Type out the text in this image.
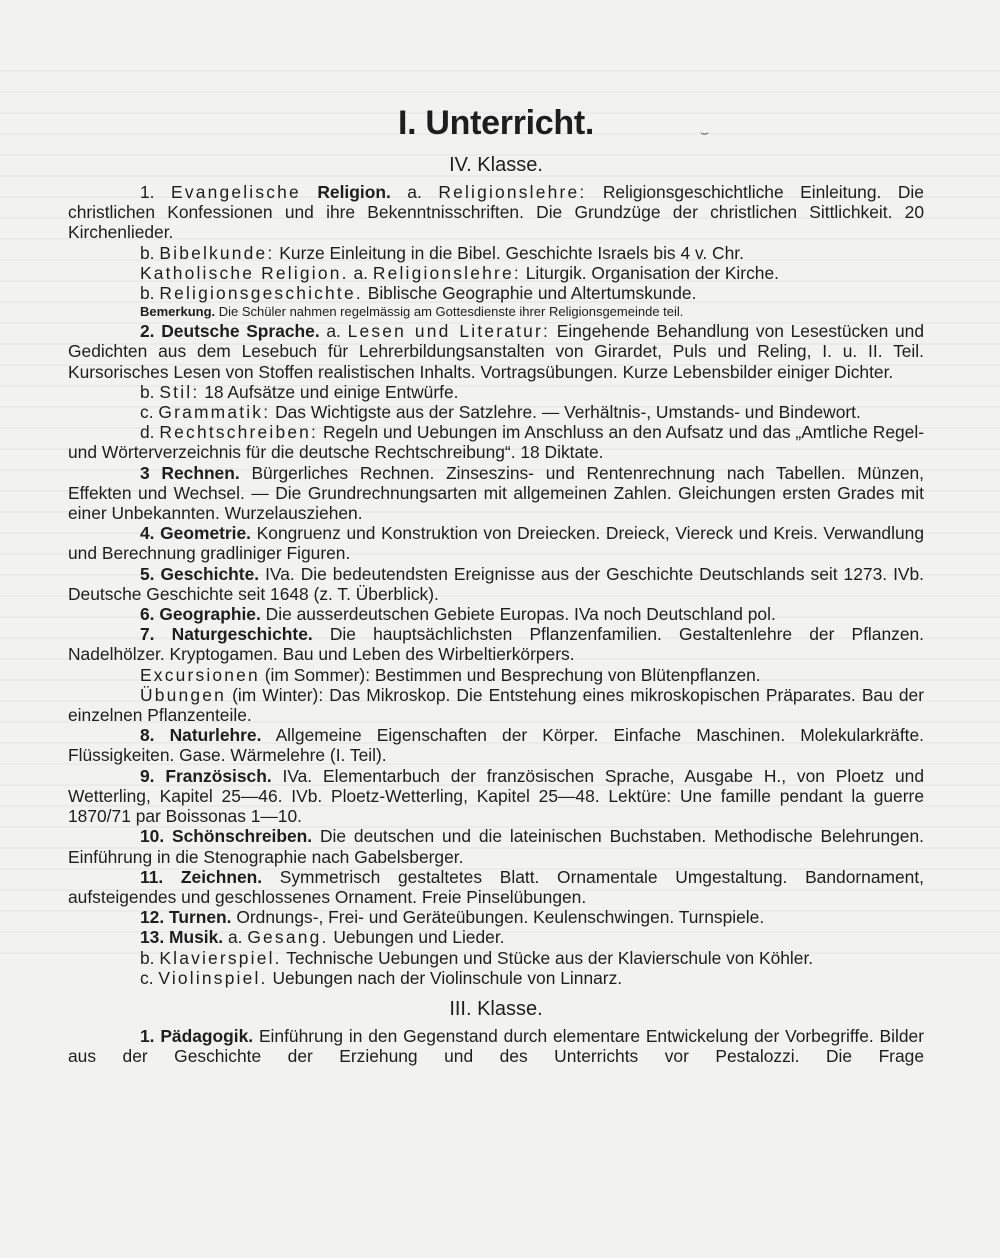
⌣
I. Unterricht.
IV. Klasse.

1. Evangelische Religion. a. Religionslehre: Religionsgeschichtliche Einleitung. Die christlichen Konfessionen und ihre Bekenntnisschriften. Die Grundzüge der christlichen Sittlichkeit. 20 Kirchenlieder.

b. Bibelkunde: Kurze Einleitung in die Bibel. Geschichte Israels bis 4 v. Chr.

Katholische Religion. a. Religionslehre: Liturgik. Organisation der Kirche.

b. Religionsgeschichte. Biblische Geographie und Altertumskunde.

Bemerkung. Die Schüler nahmen regelmässig am Gottesdienste ihrer Religionsgemeinde teil.

2. Deutsche Sprache. a. Lesen und Literatur: Eingehende Behandlung von Lesestücken und Gedichten aus dem Lesebuch für Lehrerbildungsanstalten von Girardet, Puls und Reling, I. u. II. Teil. Kursorisches Lesen von Stoffen realistischen Inhalts. Vortragsübungen. Kurze Lebensbilder einiger Dichter.

b. Stil: 18 Aufsätze und einige Entwürfe.

c. Grammatik: Das Wichtigste aus der Satzlehre. — Verhältnis-, Umstands- und Bindewort.

d. Rechtschreiben: Regeln und Uebungen im Anschluss an den Aufsatz und das „Amtliche Regel- und Wörterverzeichnis für die deutsche Rechtschreibung“. 18 Diktate.

3 Rechnen. Bürgerliches Rechnen. Zinseszins- und Rentenrechnung nach Tabellen. Münzen, Effekten und Wechsel. — Die Grundrechnungsarten mit allgemeinen Zahlen. Gleichungen ersten Grades mit einer Unbekannten. Wurzelausziehen.

4. Geometrie. Kongruenz und Konstruktion von Dreiecken. Dreieck, Viereck und Kreis. Verwandlung und Berechnung gradliniger Figuren.

5. Geschichte. IVa. Die bedeutendsten Ereignisse aus der Geschichte Deutschlands seit 1273. IVb. Deutsche Geschichte seit 1648 (z. T. Überblick).

6. Geographie. Die ausserdeutschen Gebiete Europas. IVa noch Deutschland pol.

7. Naturgeschichte. Die hauptsächlichsten Pflanzenfamilien. Gestaltenlehre der Pflanzen. Nadelhölzer. Kryptogamen. Bau und Leben des Wirbeltierkörpers.

Excursionen (im Sommer): Bestimmen und Besprechung von Blütenpflanzen.

Übungen (im Winter): Das Mikroskop. Die Entstehung eines mikroskopischen Präparates. Bau der einzelnen Pflanzenteile.

8. Naturlehre. Allgemeine Eigenschaften der Körper. Einfache Maschinen. Molekularkräfte. Flüssigkeiten. Gase. Wärmelehre (I. Teil).

9. Französisch. IVa. Elementarbuch der französischen Sprache, Ausgabe H., von Ploetz und Wetterling, Kapitel 25—46. IVb. Ploetz-Wetterling, Kapitel 25—48. Lektüre: Une famille pendant la guerre 1870/71 par Boissonas 1—10.

10. Schönschreiben. Die deutschen und die lateinischen Buchstaben. Methodische Belehrungen. Einführung in die Stenographie nach Gabelsberger.

11. Zeichnen. Symmetrisch gestaltetes Blatt. Ornamentale Umgestaltung. Bandornament, aufsteigendes und geschlossenes Ornament. Freie Pinselübungen.

12. Turnen. Ordnungs-, Frei- und Geräteübungen. Keulenschwingen. Turnspiele.

13. Musik. a. Gesang. Uebungen und Lieder.

b. Klavierspiel. Technische Uebungen und Stücke aus der Klavierschule von Köhler.

c. Violinspiel. Uebungen nach der Violinschule von Linnarz.

III. Klasse.

1. Pädagogik. Einführung in den Gegenstand durch elementare Entwickelung der Vorbegriffe. Bilder aus der Geschichte der Erziehung und des Unterrichts vor Pestalozzi. Die Frage
